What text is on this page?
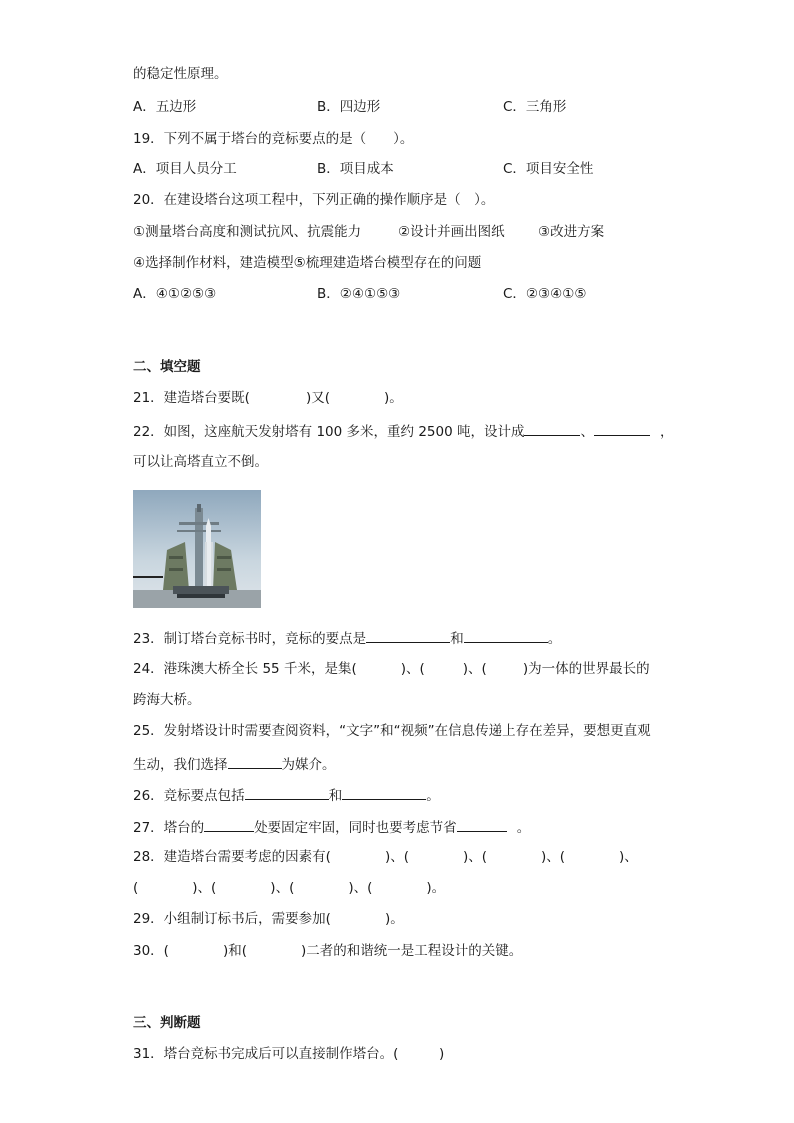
的稳定性原理。
A．五边形	B．四边形	C．三角形
19．下列不属于塔台的竞标要点的是（　　）。
A．项目人员分工	B．项目成本	C．项目安全性
20．在建设塔台这项工程中，下列正确的操作顺序是（　）。
①测量塔台高度和测试抗风、抗震能力	②设计并画出图纸 ③改进方案
④选择制作材料，建造模型⑤梳理建造塔台模型存在的问题
A．④①②⑤③	B．②④①⑤③	C．②③④①⑤
二、填空题
21．建造塔台要既(	)又(	)。
22．如图，这座航天发射塔有 100 多米，重约 2500 吨，设计成	、	，
可以让高塔直立不倒。
23．制订塔台竞标书时，竞标的要点是	和	。
24．港珠澳大桥全长 55 千米，是集(	)、(	)、(	)为一体的世界最长的
跨海大桥。
25．发射塔设计时需要查阅资料，“文字”和“视频”在信息传递上存在差异，要想更直观
生动，我们选择	为媒介。
26．竞标要点包括	和	。
27．塔台的	处要固定牢固，同时也要考虑节省	。
28．建造塔台需要考虑的因素有(　　　　)、(　　　　)、(　　　　)、(　　　　)、
(　　　　)、(　　　　)、(　　　　)、(　　　　)。
29．小组制订标书后，需要参加(　　　　)。
30．(　　　　)和(　　　　)二者的和谐统一是工程设计的关键。
三、判断题
31．塔台竞标书完成后可以直接制作塔台。(　　　)
